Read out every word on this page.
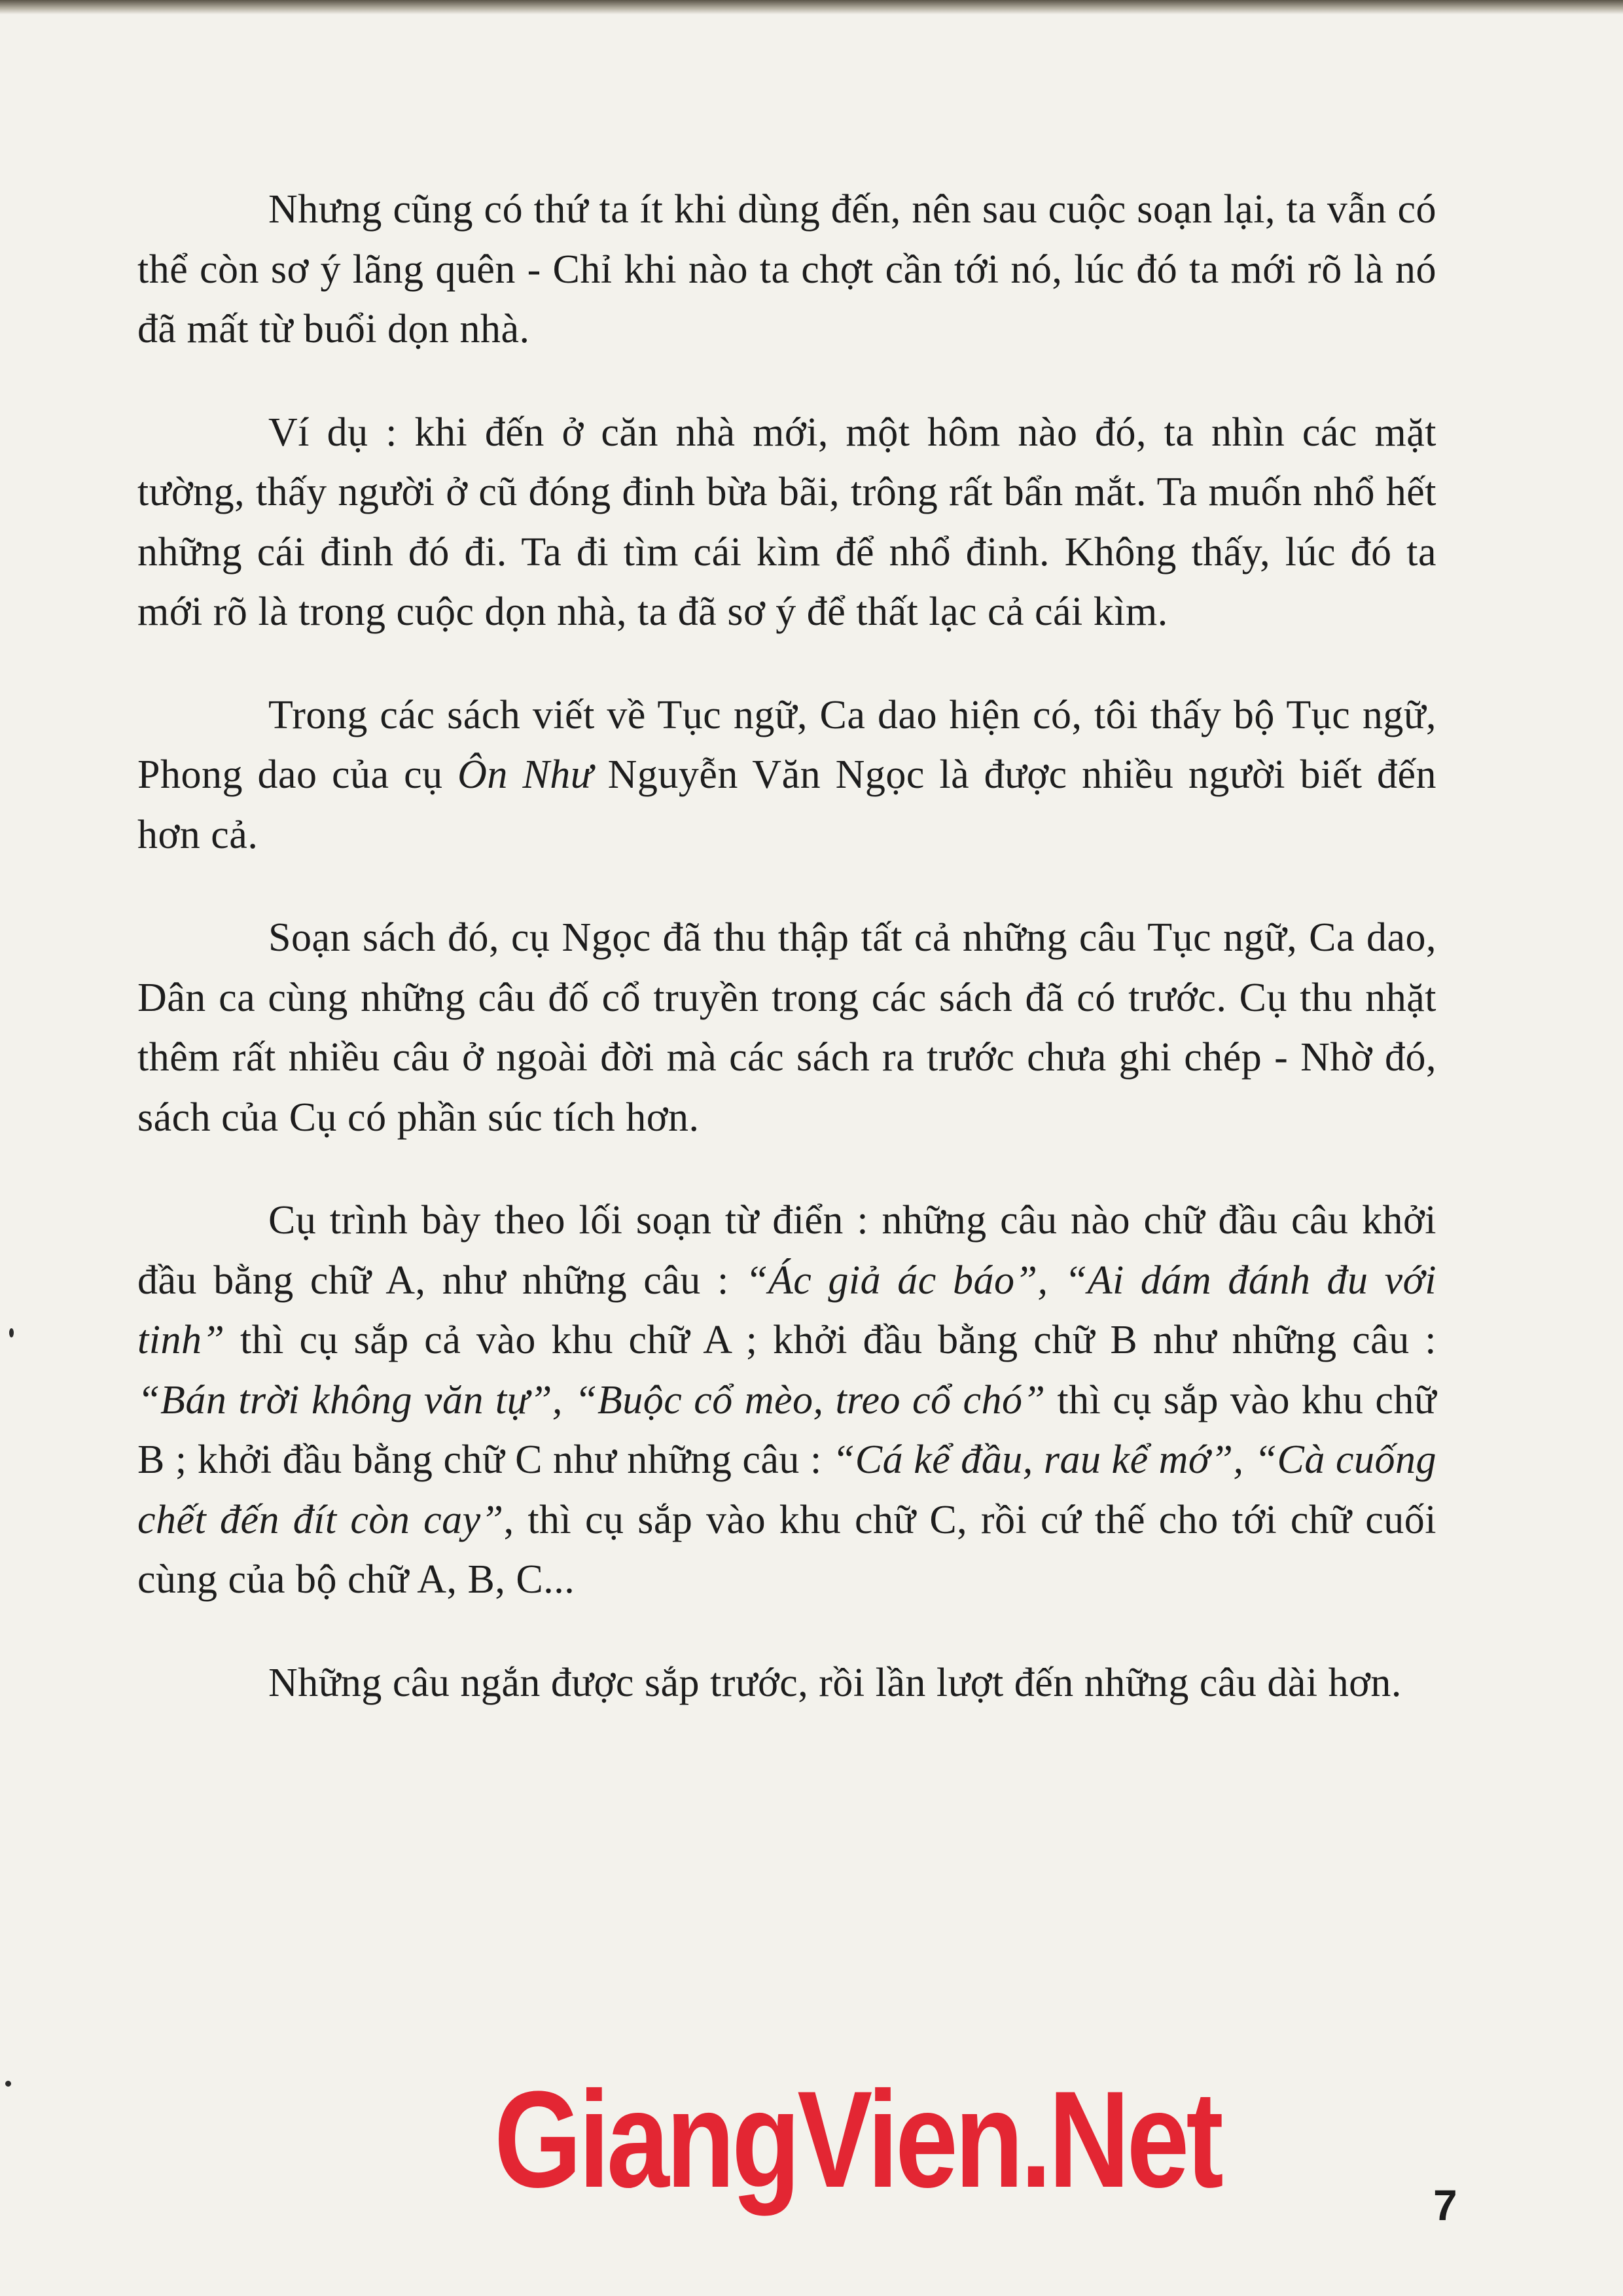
Nhưng cũng có thứ ta ít khi dùng đến, nên sau cuộc soạn lại, ta vẫn có thể còn sơ ý lãng quên - Chỉ khi nào ta chợt cần tới nó, lúc đó ta mới rõ là nó đã mất từ buổi dọn nhà.

Ví dụ : khi đến ở căn nhà mới, một hôm nào đó, ta nhìn các mặt tường, thấy người ở cũ đóng đinh bừa bãi, trông rất bẩn mắt. Ta muốn nhổ hết những cái đinh đó đi. Ta đi tìm cái kìm để nhổ đinh. Không thấy, lúc đó ta mới rõ là trong cuộc dọn nhà, ta đã sơ ý để thất lạc cả cái kìm.

Trong các sách viết về Tục ngữ, Ca dao hiện có, tôi thấy bộ Tục ngữ, Phong dao của cụ Ôn Như Nguyễn Văn Ngọc là được nhiều người biết đến hơn cả.

Soạn sách đó, cụ Ngọc đã thu thập tất cả những câu Tục ngữ, Ca dao, Dân ca cùng những câu đố cổ truyền trong các sách đã có trước. Cụ thu nhặt thêm rất nhiều câu ở ngoài đời mà các sách ra trước chưa ghi chép - Nhờ đó, sách của Cụ có phần súc tích hơn.

Cụ trình bày theo lối soạn từ điển : những câu nào chữ đầu câu khởi đầu bằng chữ A, như những câu : “Ác giả ác báo”, “Ai dám đánh đu với tinh” thì cụ sắp cả vào khu chữ A ; khởi đầu bằng chữ B như những câu : “Bán trời không văn tự”, “Buộc cổ mèo, treo cổ chó” thì cụ sắp vào khu chữ B ; khởi đầu bằng chữ C như những câu : “Cá kể đầu, rau kể mớ”, “Cà cuống chết đến đít còn cay”, thì cụ sắp vào khu chữ C, rồi cứ thế cho tới chữ cuối cùng của bộ chữ A, B, C...

Những câu ngắn được sắp trước, rồi lần lượt đến những câu dài hơn.

GiangVien.Net	7
